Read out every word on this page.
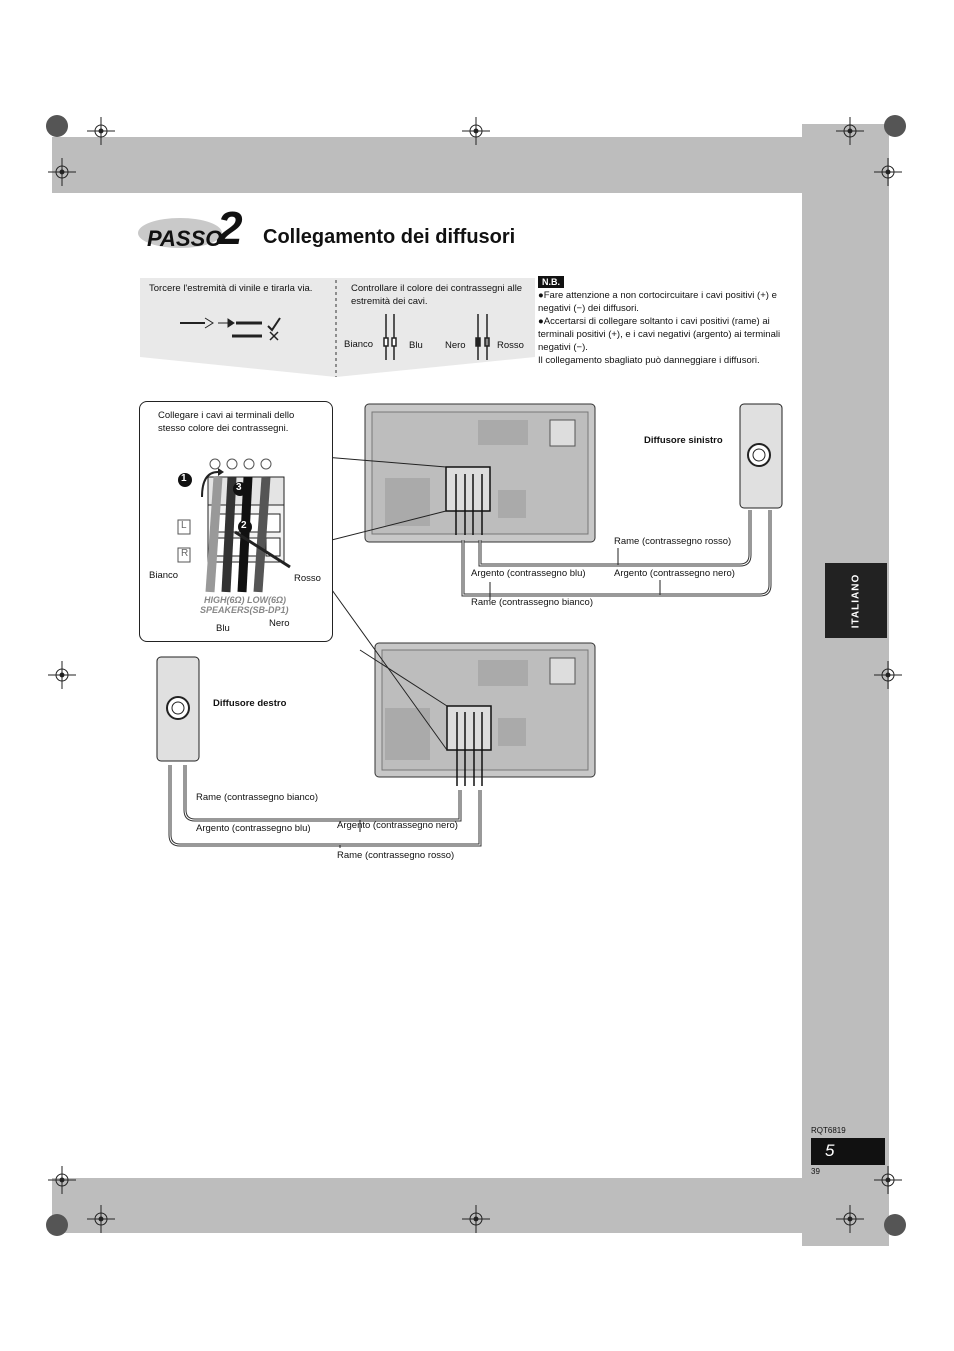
ITALIANO
PASSO
2 Collegamento dei diffusori
Torcere l'estremità di vinile e tirarla via.	Controllare il colore dei contrassegni alle estremità dei cavi.
Bianco	Blu Nero	Rosso
N.B.

●Fare attenzione a non cortocircuitare i cavi positivi (+) e negativi (−) dei diffusori.

●Accertarsi di collegare soltanto i cavi positivi (rame) ai terminali positivi (+), e i cavi negativi (argento) ai terminali negativi (−).

Il collegamento sbagliato può danneggiare i diffusori.

Collegare i cavi ai terminali dello stesso colore dei contrassegni.
1
3
2
L
R
HIGH(6Ω) LOW(6Ω)
SPEAKERS(SB-DP1)
Bianco	Rosso
Blu	Nero
Diffusore sinistro
Rame (contrassegno rosso)
Argento (contrassegno blu)	Argento (contrassegno nero)
Rame (contrassegno bianco)
Diffusore destro
Rame (contrassegno bianco)
Argento (contrassegno blu)	Argento (contrassegno nero)
Rame (contrassegno rosso)
RQT6819
5
39
